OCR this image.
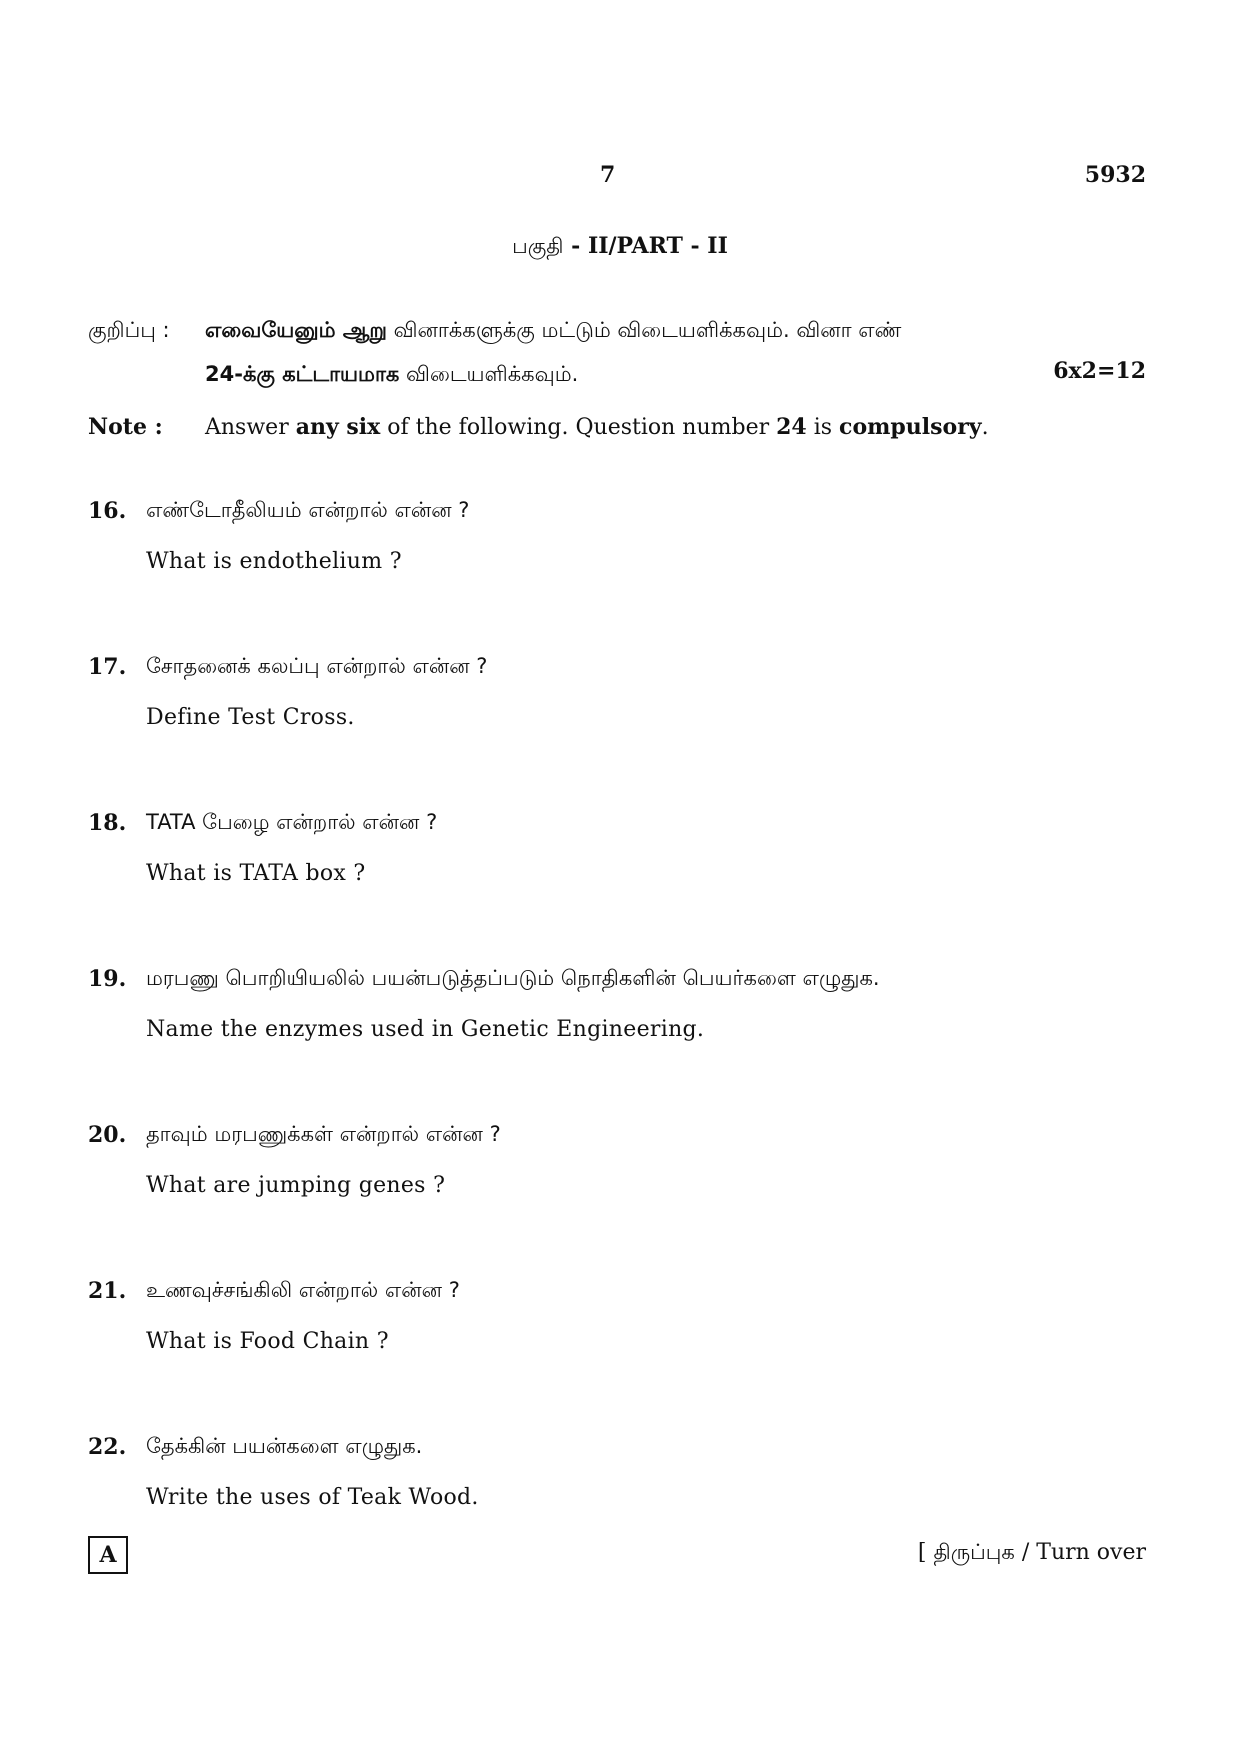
7	5932
பகுதி - II/PART - II
குறிப்பு : எவையேனும் ஆறு வினாக்களுக்கு மட்டும் விடையளிக்கவும். வினா எண்
24-க்கு கட்டாயமாக விடையளிக்கவும்.	6x2=12
Note : Answer any six of the following. Question number 24 is compulsory.
16. எண்டோதீலியம் என்றால் என்ன ?
What is endothelium ?
17. சோதனைக் கலப்பு என்றால் என்ன ?
Define Test Cross.
18. TATA பேழை என்றால் என்ன ?
What is TATA box ?
19. மரபணு பொறியியலில் பயன்படுத்தப்படும் நொதிகளின் பெயர்களை எழுதுக.
Name the enzymes used in Genetic Engineering.
20. தாவும் மரபணுக்கள் என்றால் என்ன ?
What are jumping genes ?
21. உணவுச்சங்கிலி என்றால் என்ன ?
What is Food Chain ?
22. தேக்கின் பயன்களை எழுதுக.
Write the uses of Teak Wood.
A	[ திருப்புக / Turn over
